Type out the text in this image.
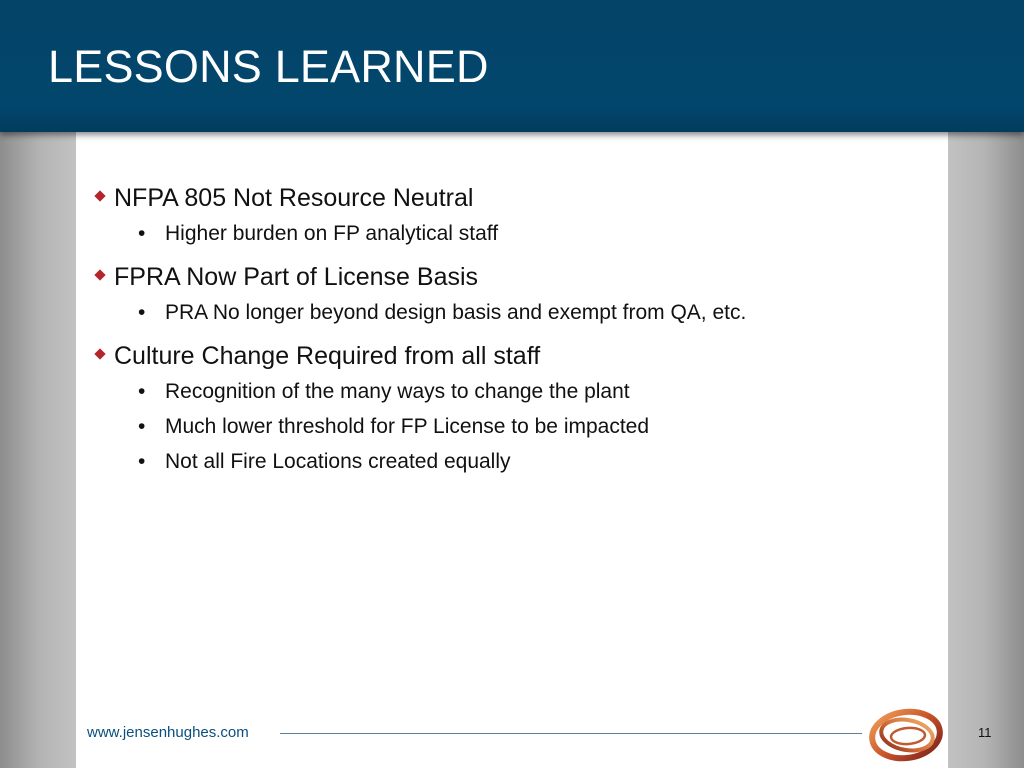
LESSONS LEARNED
NFPA 805 Not Resource Neutral
• Higher burden on FP analytical staff
FPRA Now Part of License Basis
• PRA No longer beyond design basis and exempt from QA, etc.
Culture Change Required from all staff
• Recognition of the many ways to change the plant
• Much lower threshold for FP License to be impacted
• Not all Fire Locations created equally
www.jensenhughes.com	11
